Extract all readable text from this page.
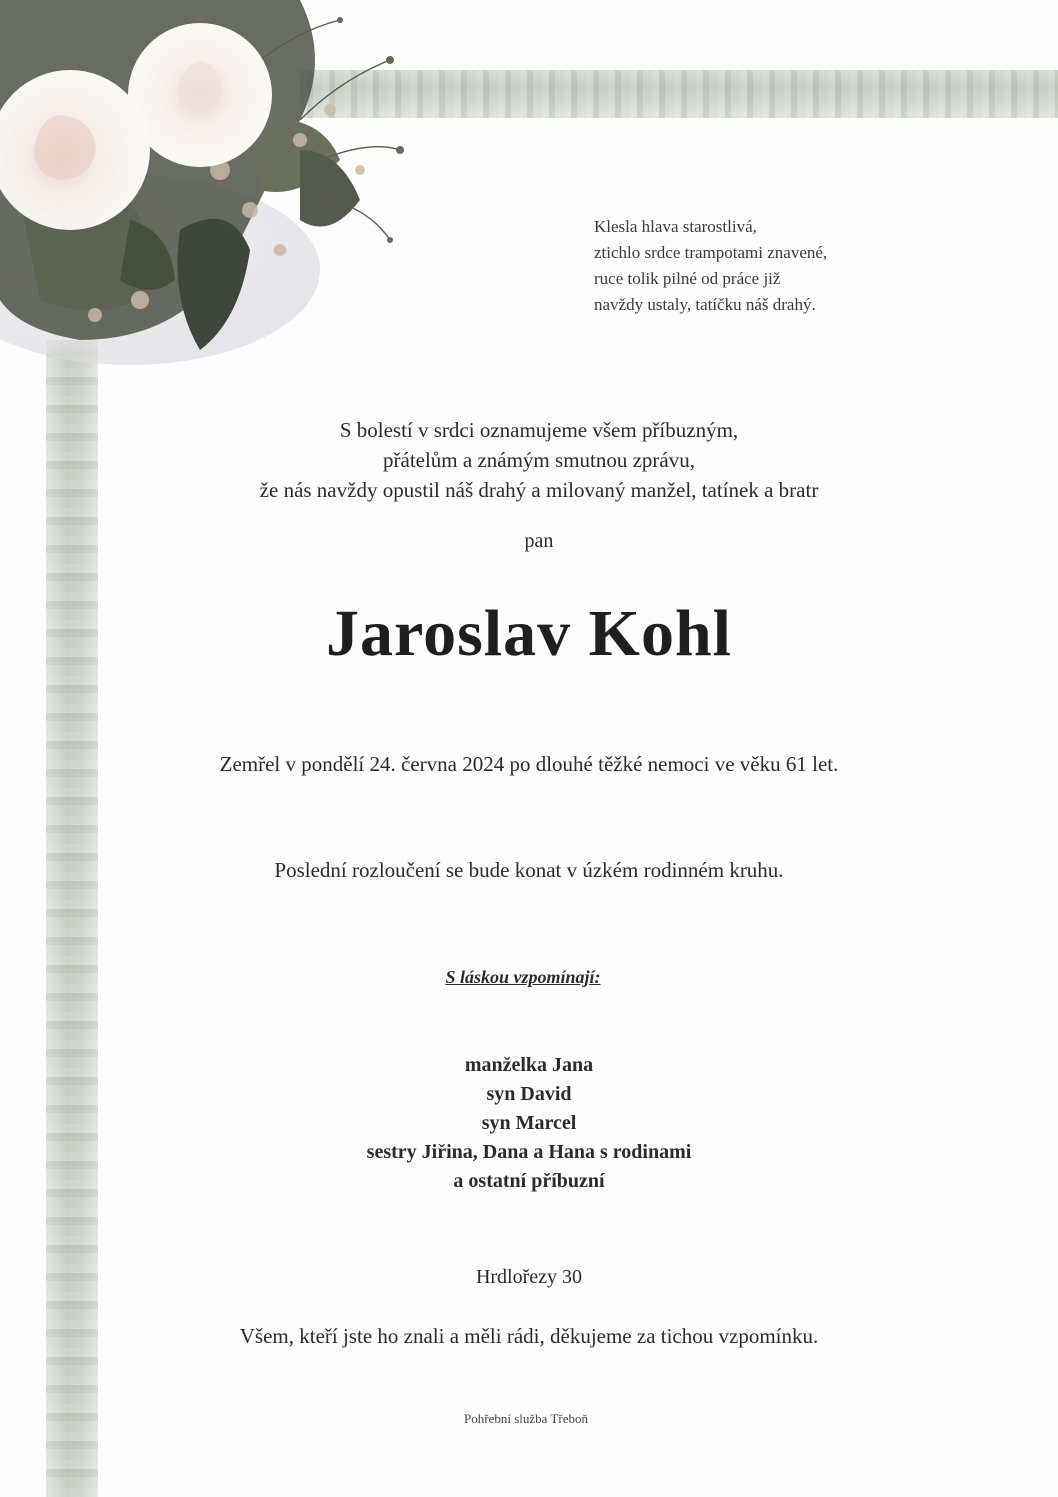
Klesla hlava starostlivá,
ztichlo srdce trampotami znavené,
ruce tolik pilné od práce již
navždy ustaly, tatíčku náš drahý.

S bolestí v srdci oznamujeme všem příbuzným,
přátelům a známým smutnou zprávu,
že nás navždy opustil náš drahý a milovaný manžel, tatínek a bratr

pan

Jaroslav Kohl

Zemřel v pondělí 24. června 2024 po dlouhé těžké nemoci ve věku 61 let.

Poslední rozloučení se bude konat v úzkém rodinném kruhu.

S láskou vzpomínají:

manželka Jana
syn David
syn Marcel
sestry Jiřina, Dana a Hana s rodinami
a ostatní příbuzní

Hrdlořezy 30

Všem, kteří jste ho znali a měli rádi, děkujeme za tichou vzpomínku.

Pohřební služba Třeboň
